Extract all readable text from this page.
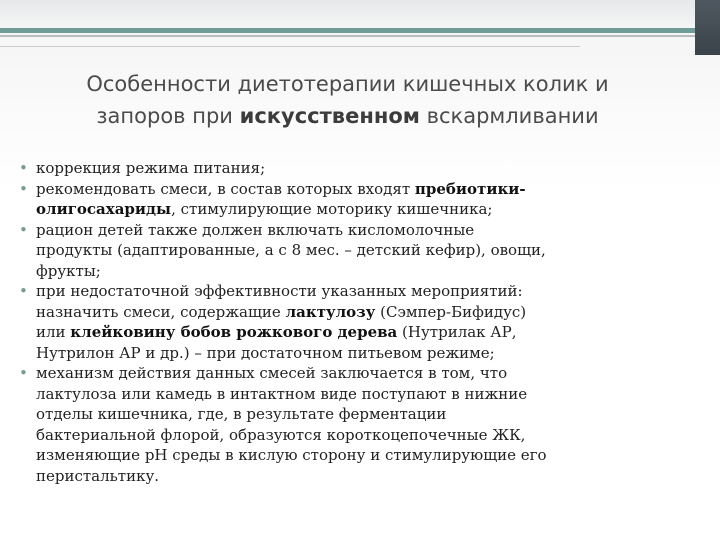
Особенности диетотерапии кишечных колик и
запоров при искусственном вскармливании
• коррекция режима питания;
• рекомендовать смеси, в состав которых входят пребиотики-
олигосахариды, стимулирующие моторику кишечника;
• рацион детей также должен включать кисломолочные
продукты (адаптированные, а с 8 мес. – детский кефир), овощи,
фрукты;
• при недостаточной эффективности указанных мероприятий:
назначить смеси, содержащие лактулозу (Сэмпер-Бифидус)
или клейковину бобов рожкового дерева (Нутрилак АР,
Нутрилон АР и др.) – при достаточном питьевом режиме;
• механизм действия данных смесей заключается в том, что
лактулоза или камедь в интактном виде поступают в нижние
отделы кишечника, где, в результате ферментации
бактериальной флорой, образуются короткоцепочечные ЖК,
изменяющие pH среды в кислую сторону и стимулирующие его
перистальтику.
